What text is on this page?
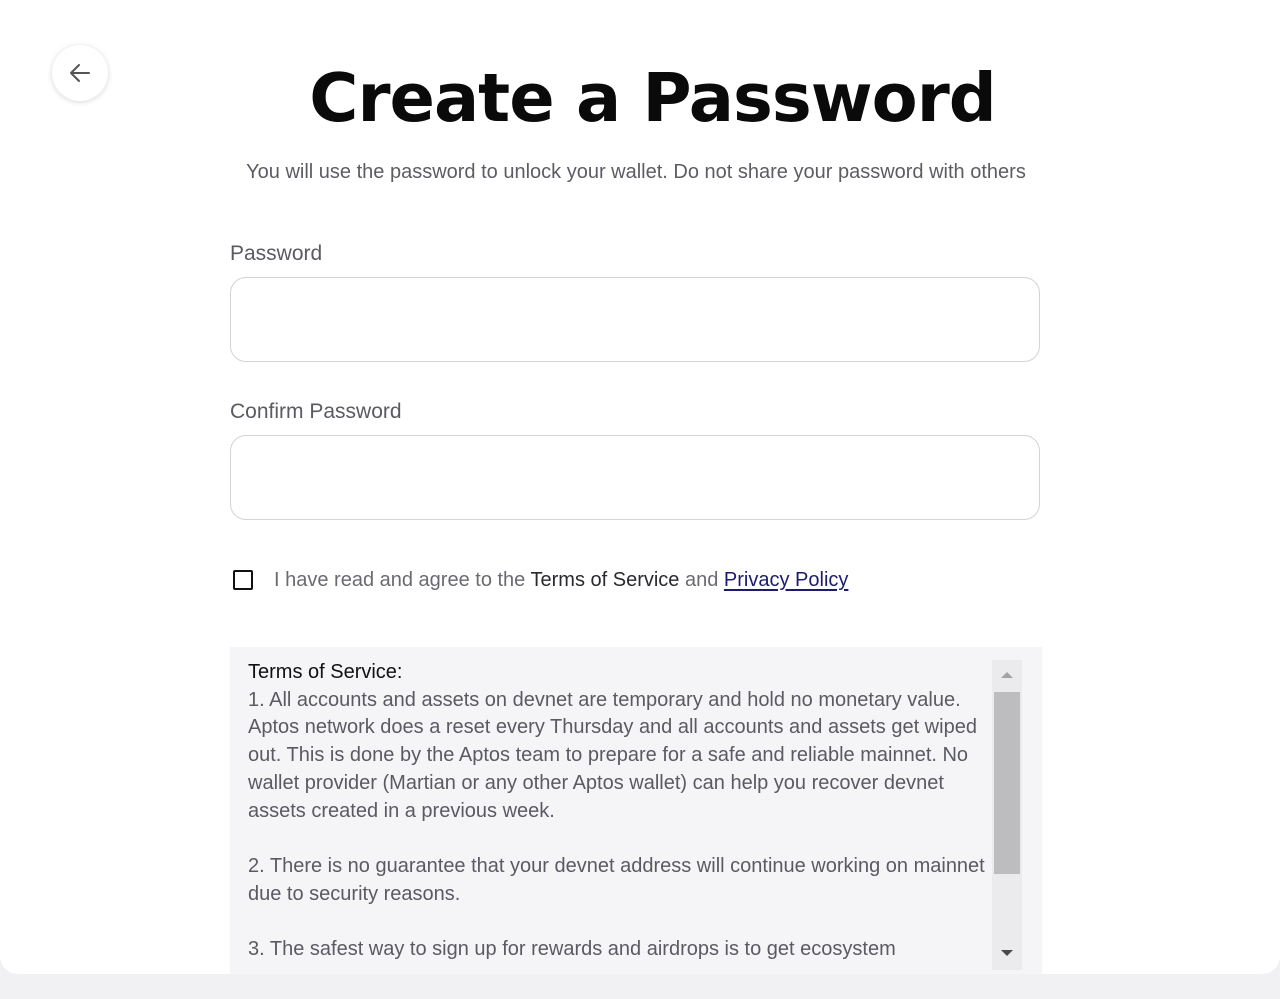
Create a Password

You will use the password to unlock your wallet. Do not share your password with others

Password
Confirm Password
I have read and agree to the Terms of Service and Privacy Policy
Terms of Service:

1. All accounts and assets on devnet are temporary and hold no monetary value. Aptos network does a reset every Thursday and all accounts and assets get wiped out. This is done by the Aptos team to prepare for a safe and reliable mainnet. No wallet provider (Martian or any other Aptos wallet) can help you recover devnet assets created in a previous week.

2. There is no guarantee that your devnet address will continue working on mainnet due to security reasons.

3. The safest way to sign up for rewards and airdrops is to get ecosystem
